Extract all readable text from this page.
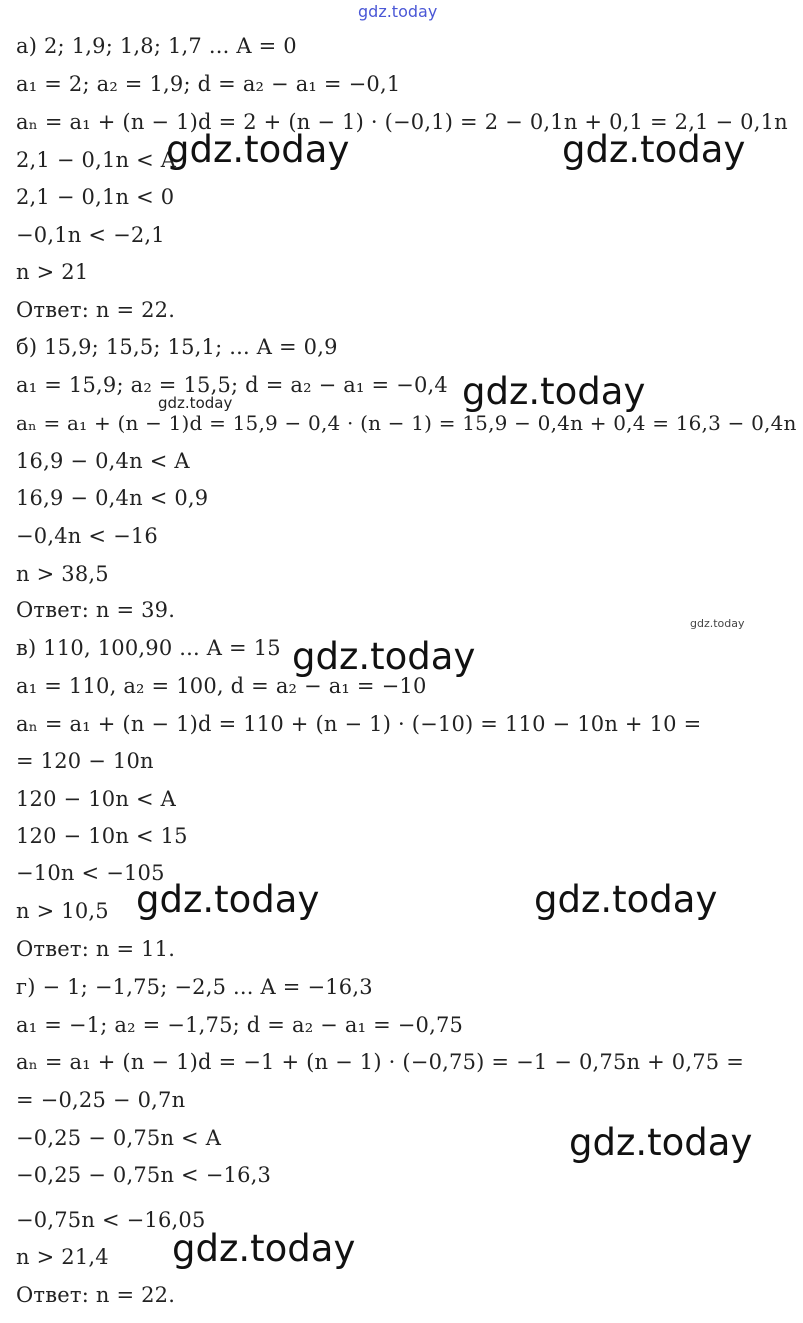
gdz.today
а) 2; 1,9; 1,8; 1,7 ... A = 0
a₁ = 2; a₂ = 1,9; d = a₂ − a₁ = −0,1
aₙ = a₁ + (n − 1)d = 2 + (n − 1) · (−0,1) = 2 − 0,1n + 0,1 = 2,1 − 0,1n
2,1 − 0,1n < A
2,1 − 0,1n < 0
−0,1n < −2,1
n > 21
Ответ: n = 22.
б) 15,9; 15,5; 15,1; ... A = 0,9
a₁ = 15,9; a₂ = 15,5; d = a₂ − a₁ = −0,4
aₙ = a₁ + (n − 1)d = 15,9 − 0,4 · (n − 1) = 15,9 − 0,4n + 0,4 = 16,3 − 0,4n
16,9 − 0,4n < A
16,9 − 0,4n < 0,9
−0,4n < −16
n > 38,5
Ответ: n = 39.
в) 110, 100,90 ... A = 15
a₁ = 110, a₂ = 100, d = a₂ − a₁ = −10
aₙ = a₁ + (n − 1)d = 110 + (n − 1) · (−10) = 110 − 10n + 10 =
= 120 − 10n
120 − 10n < A
120 − 10n < 15
−10n < −105
n > 10,5
Ответ: n = 11.
г) − 1; −1,75; −2,5 ... A = −16,3
a₁ = −1; a₂ = −1,75; d = a₂ − a₁ = −0,75
aₙ = a₁ + (n − 1)d = −1 + (n − 1) · (−0,75) = −1 − 0,75n + 0,75 =
= −0,25 − 0,7n
−0,25 − 0,75n < A
−0,25 − 0,75n < −16,3
−0,75n < −16,05
n > 21,4
Ответ: n = 22.
gdz.today	gdz.today
gdz.today
gdz.today
gdz.today
gdz.today
gdz.today	gdz.today
gdz.today
gdz.today
